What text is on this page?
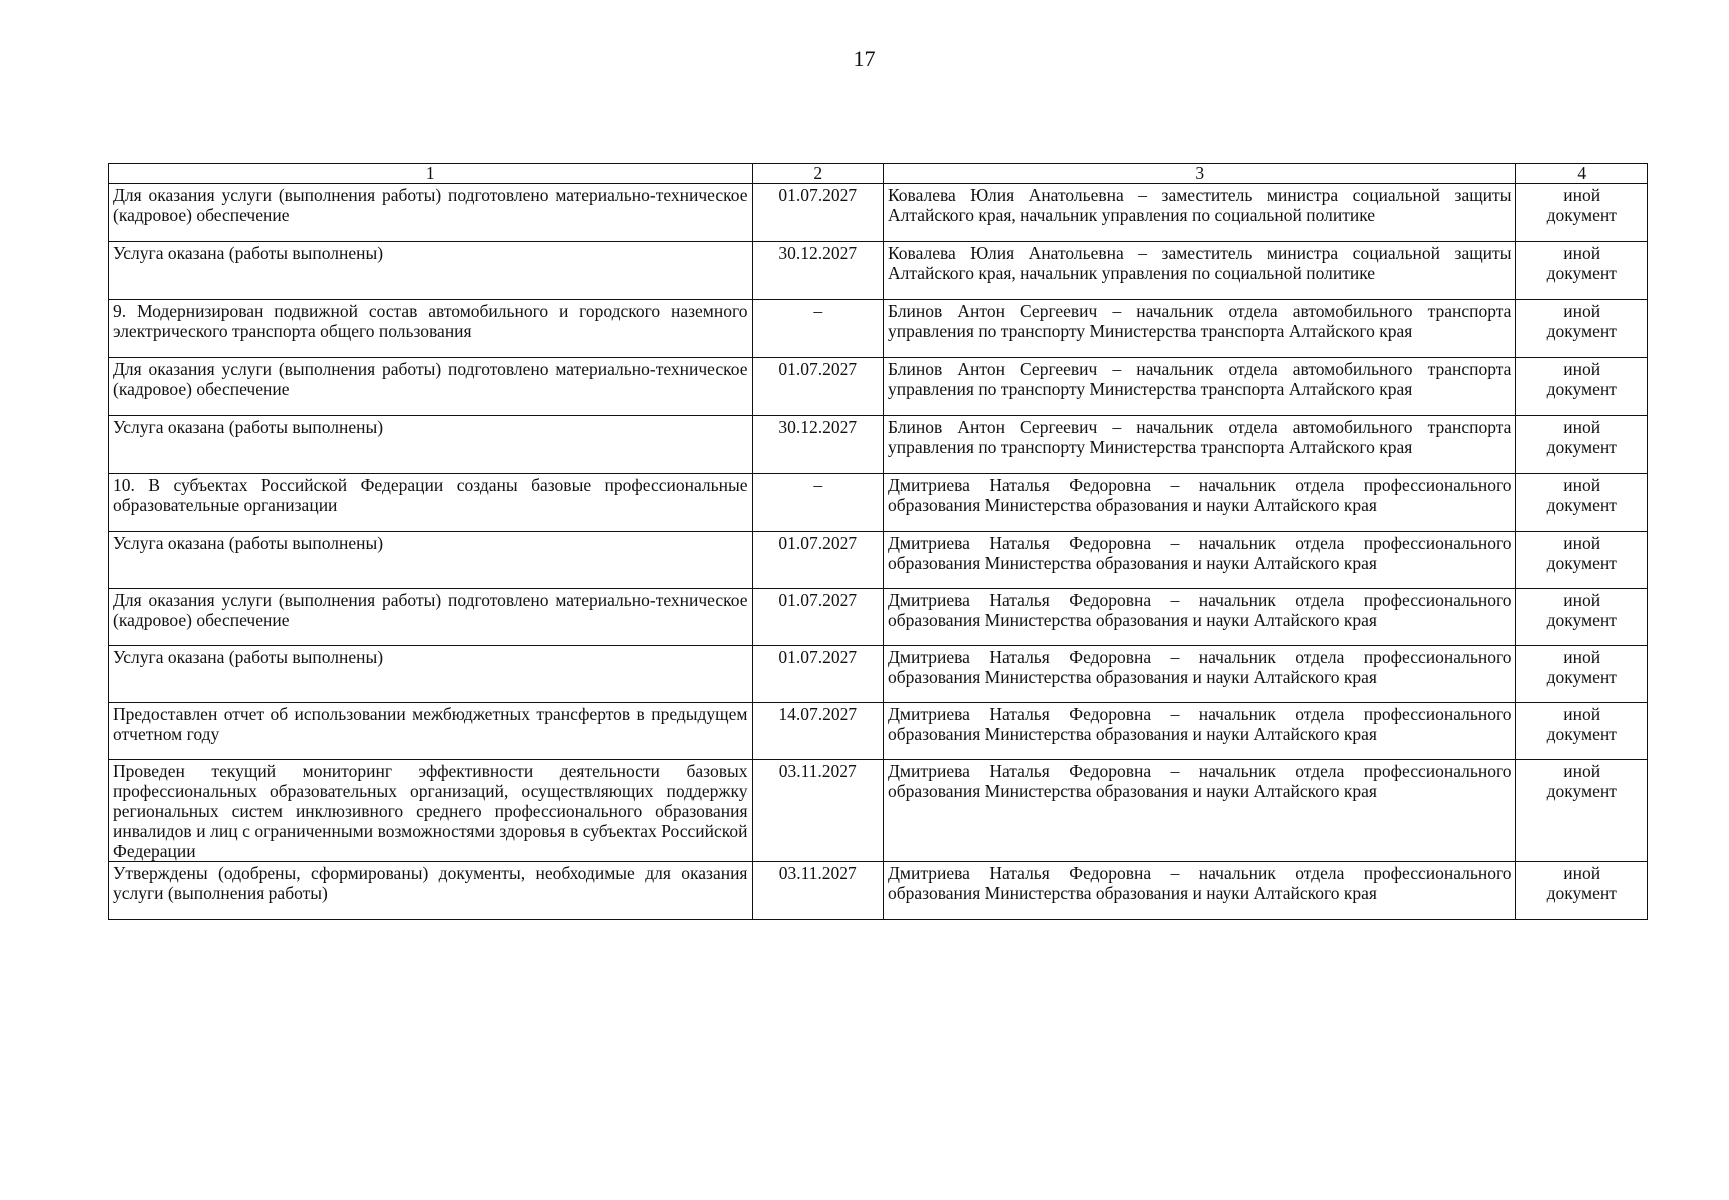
17
1	2	3	4
Для оказания услуги (выполнения работы) подготовлено материально-техническое (кадровое) обеспечение	01.07.2027	Ковалева Юлия Анатольевна – заместитель министра социальной защиты Алтайского края, начальник управления по социальной политике	иной
документ

Услуга оказана (работы выполнены)	30.12.2027	Ковалева Юлия Анатольевна – заместитель министра социальной защиты Алтайского края, начальник управления по социальной политике	иной
документ

9. Модернизирован подвижной состав автомобильного и городского наземного электрического транспорта общего пользования	–	Блинов Антон Сергеевич – начальник отдела автомобильного транспорта управления по транспорту Министерства транспорта Алтайского края	иной
документ

Для оказания услуги (выполнения работы) подготовлено материально-техническое (кадровое) обеспечение	01.07.2027	Блинов Антон Сергеевич – начальник отдела автомобильного транспорта управления по транспорту Министерства транспорта Алтайского края	иной
документ

Услуга оказана (работы выполнены)	30.12.2027	Блинов Антон Сергеевич – начальник отдела автомобильного транспорта управления по транспорту Министерства транспорта Алтайского края	иной
документ

10. В субъектах Российской Федерации созданы базовые профессиональные образовательные организации	–	Дмитриева Наталья Федоровна – начальник отдела профессионального образования Министерства образования и науки Алтайского края	иной
документ

Услуга оказана (работы выполнены)	01.07.2027	Дмитриева Наталья Федоровна – начальник отдела профессионального образования Министерства образования и науки Алтайского края	иной
документ

Для оказания услуги (выполнения работы) подготовлено материально-техническое (кадровое) обеспечение	01.07.2027	Дмитриева Наталья Федоровна – начальник отдела профессионального образования Министерства образования и науки Алтайского края	иной
документ

Услуга оказана (работы выполнены)	01.07.2027	Дмитриева Наталья Федоровна – начальник отдела профессионального образования Министерства образования и науки Алтайского края	иной
документ

Предоставлен отчет об использовании межбюджетных трансфертов в предыдущем отчетном году	14.07.2027	Дмитриева Наталья Федоровна – начальник отдела профессионального образования Министерства образования и науки Алтайского края	иной
документ

Проведен текущий мониторинг эффективности деятельности базовых профессиональных образовательных организаций, осуществляющих поддержку региональных систем инклюзивного среднего профессионального образования инвалидов и лиц с ограниченными возможностями здоровья в субъектах Российской Федерации	03.11.2027	Дмитриева Наталья Федоровна – начальник отдела профессионального образования Министерства образования и науки Алтайского края	иной
документ

Утверждены (одобрены, сформированы) документы, необходимые для оказания услуги (выполнения работы)	03.11.2027	Дмитриева Наталья Федоровна – начальник отдела профессионального образования Министерства образования и науки Алтайского края	иной
документ
